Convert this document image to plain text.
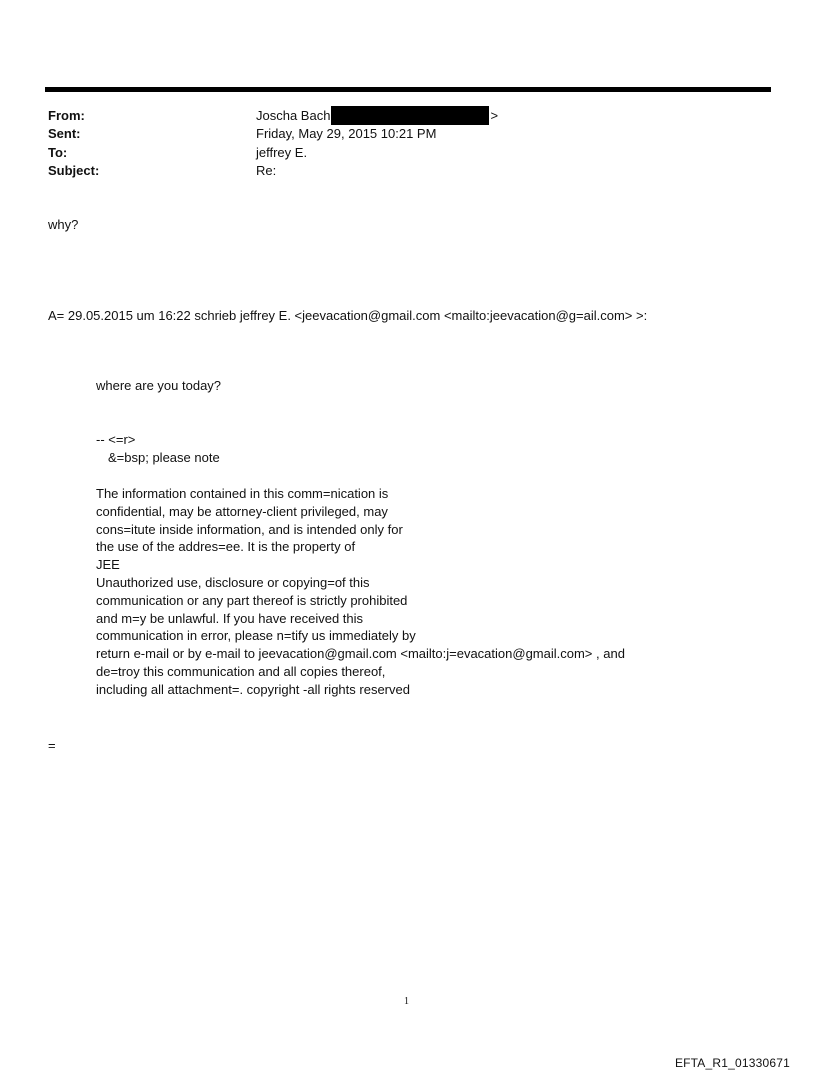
From:	Joscha Bach	>
Sent:	Friday, May 29, 2015 10:21 PM
To:	jeffrey E.
Subject:	Re:
why?
A= 29.05.2015 um 16:22 schrieb jeffrey E. <jeevacation@gmail.com <mailto:jeevacation@g=ail.com> >:
where are you today?
-- <=r>
&=bsp; please note
The information contained in this comm=nication is
confidential, may be attorney-client privileged, may
cons=itute inside information, and is intended only for
the use of the addres=ee. It is the property of
JEE
Unauthorized use, disclosure or copying=of this
communication or any part thereof is strictly prohibited
and m=y be unlawful. If you have received this
communication in error, please n=tify us immediately by
return e-mail or by e-mail to jeevacation@gmail.com <mailto:j=evacation@gmail.com> , and
de=troy this communication and all copies thereof,
including all attachment=. copyright -all rights reserved
=
1
EFTA_R1_01330671
